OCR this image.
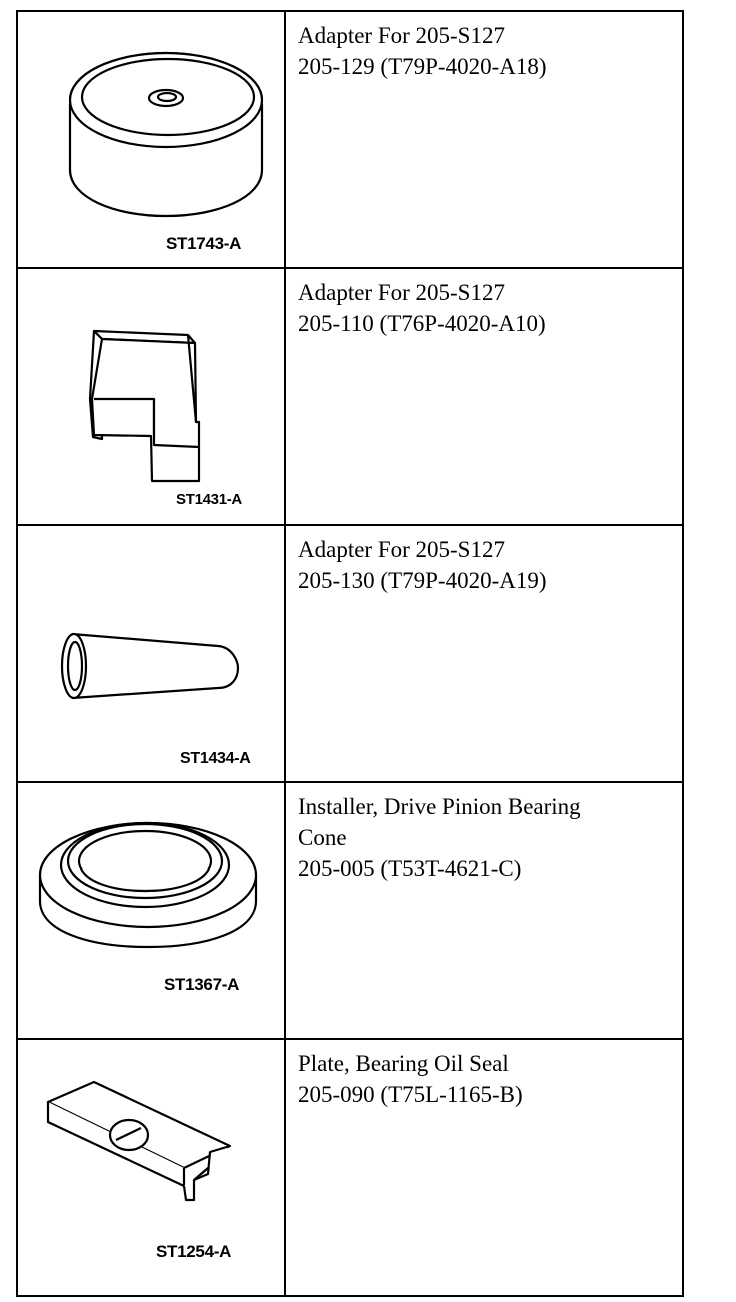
ST1743-A	Adapter For 205-S127
205-129 (T79P-4020-A18)

ST1431-A	Adapter For 205-S127
205-110 (T76P-4020-A10)

ST1434-A	Adapter For 205-S127
205-130 (T79P-4020-A19)

ST1367-A	Installer, Drive Pinion Bearing
Cone
205-005 (T53T-4621-C)

ST1254-A	Plate, Bearing Oil Seal
205-090 (T75L-1165-B)
